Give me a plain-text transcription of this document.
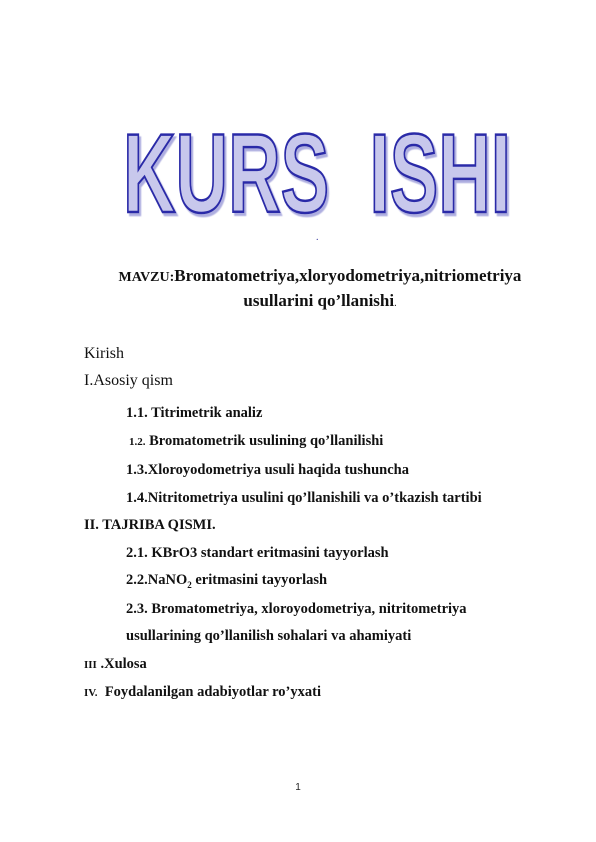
KURS  ISHI
.
MAVZU:Bromatometriya,xloryodometriya,nitriometriya
usullarini qo’llanishi.
Kirish
I.Asosiy qism
1.1. Titrimetrik analiz
1.2. Bromatometrik usulining qo’llanilishi
1.3.Xloroyodometriya usuli haqida tushuncha
1.4.Nitritometriya usulini qo’llanishili va o’tkazish tartibi
II. TAJRIBA QISMI.
2.1. KBrO3 standart eritmasini tayyorlash
2.2.NaNO$_2$ eritmasini tayyorlash
2.3. Bromatometriya, xloroyodometriya, nitritometriya
usullarining qo’llanilish sohalari va ahamiyati
III .Xulosa
IV.  Foydalanilgan adabiyotlar ro’yxati
1
